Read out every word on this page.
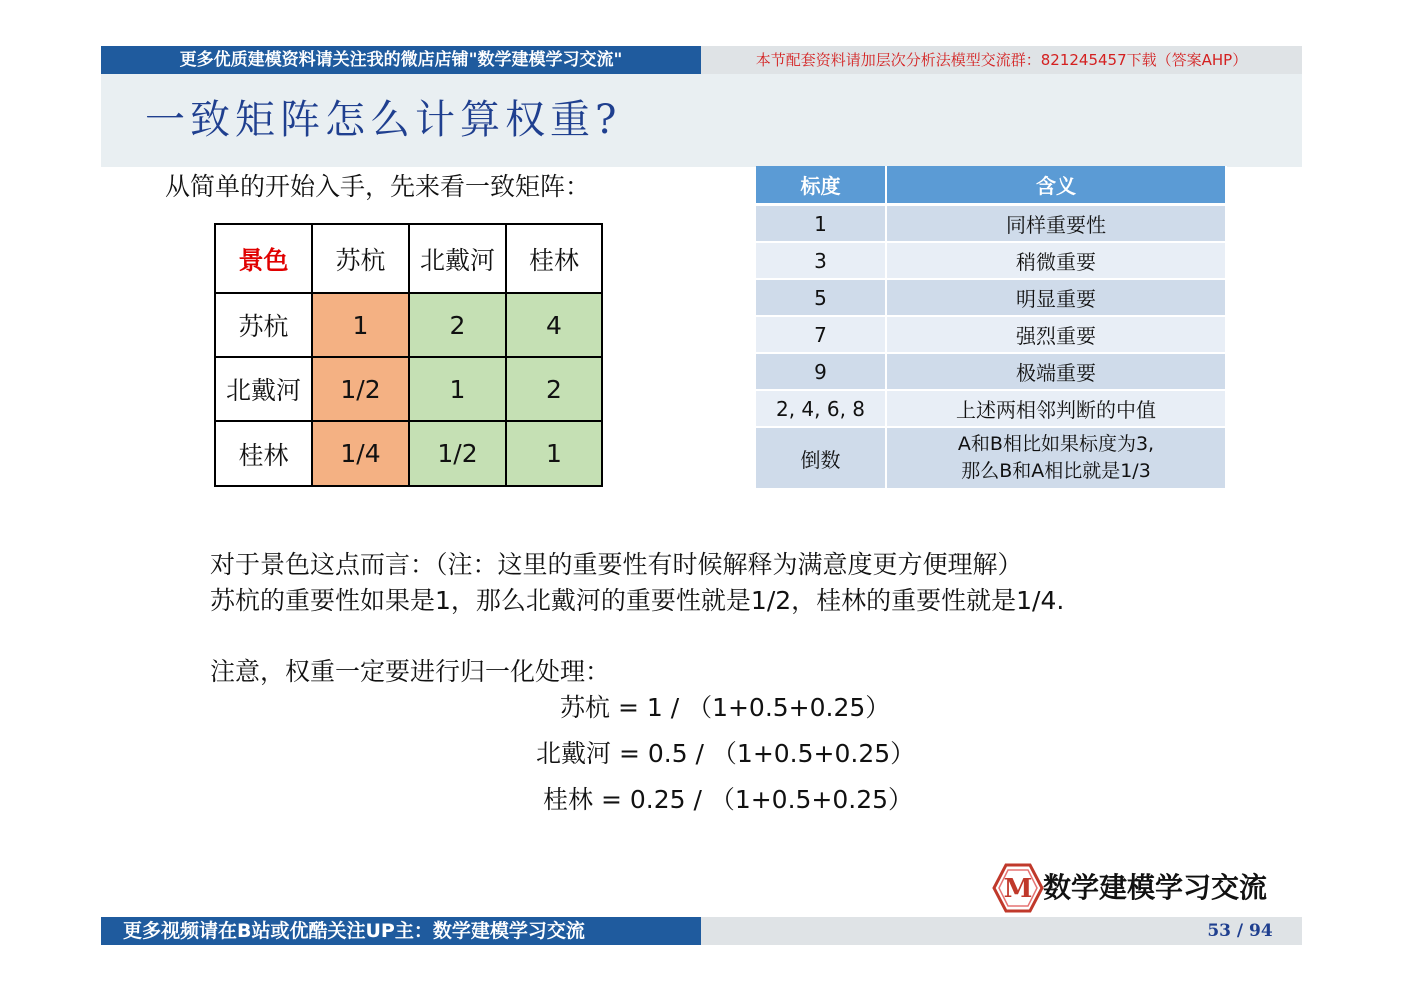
更多优质建模资料请关注我的微店店铺"数学建模学习交流"	本节配套资料请加层次分析法模型交流群：821245457下载（答案AHP）
一致矩阵怎么计算权重?
从简单的开始入手，先来看一致矩阵：
景色	苏杭	北戴河	桂林
苏杭	1	2	4
北戴河	1/2	1	2
桂林	1/4	1/2	1
标度	含义
1	同样重要性
3	稍微重要
5	明显重要
7	强烈重要
9	极端重要
2, 4, 6, 8	上述两相邻判断的中值
倒数	A和B相比如果标度为3,
那么B和A相比就是1/3
对于景色这点而言：（注：这里的重要性有时候解释为满意度更方便理解）
苏杭的重要性如果是1，那么北戴河的重要性就是1/2，桂林的重要性就是1/4.
注意，权重一定要进行归一化处理：
苏杭 = 1 / （1+0.5+0.25）
北戴河 = 0.5 / （1+0.5+0.25）
桂林 = 0.25 / （1+0.5+0.25）
M 数学建模学习交流
更多视频请在B站或优酷关注UP主：数学建模学习交流	53 / 94
